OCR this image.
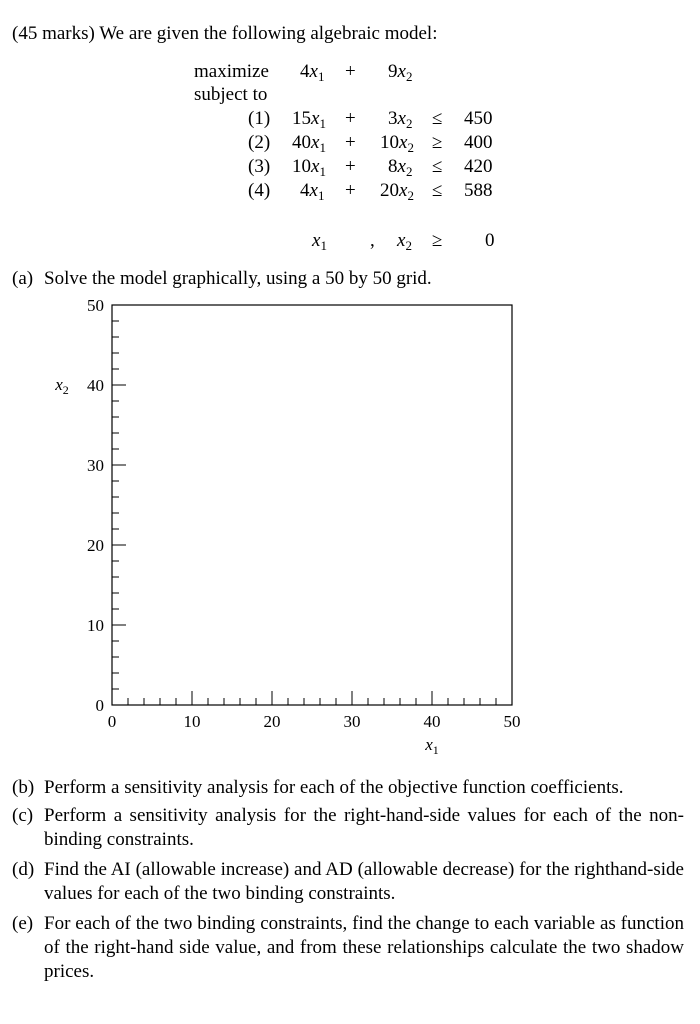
(45 marks) We are given the following algebraic model:
maximize $4x_1 + 9x_2$
subject to
(1) $15x_1 + 3x_2 \le 450$
(2) $40x_1 + 10x_2 \ge 400$
(3) $10x_1 + 8x_2 \le 420$
(4) $4x_1 + 20x_2 \le 588$
$x_1$ , $x_2 \ge 0$
(a) Solve the model graphically, using a 50 by 50 grid.
0	10	20	30	40	50
0
10
20
30
40
50
$x_2$
$x_1$
(b) Perform a sensitivity analysis for each of the objective function coefficients.
(c) Perform a sensitivity analysis for the right-hand-side values for each of the non-binding constraints.
(d) Find the AI (allowable increase) and AD (allowable decrease) for the righthand-side values for each of the two binding constraints.
(e) For each of the two binding constraints, find the change to each variable as function of the right-hand side value, and from these relationships calculate the two shadow prices.
